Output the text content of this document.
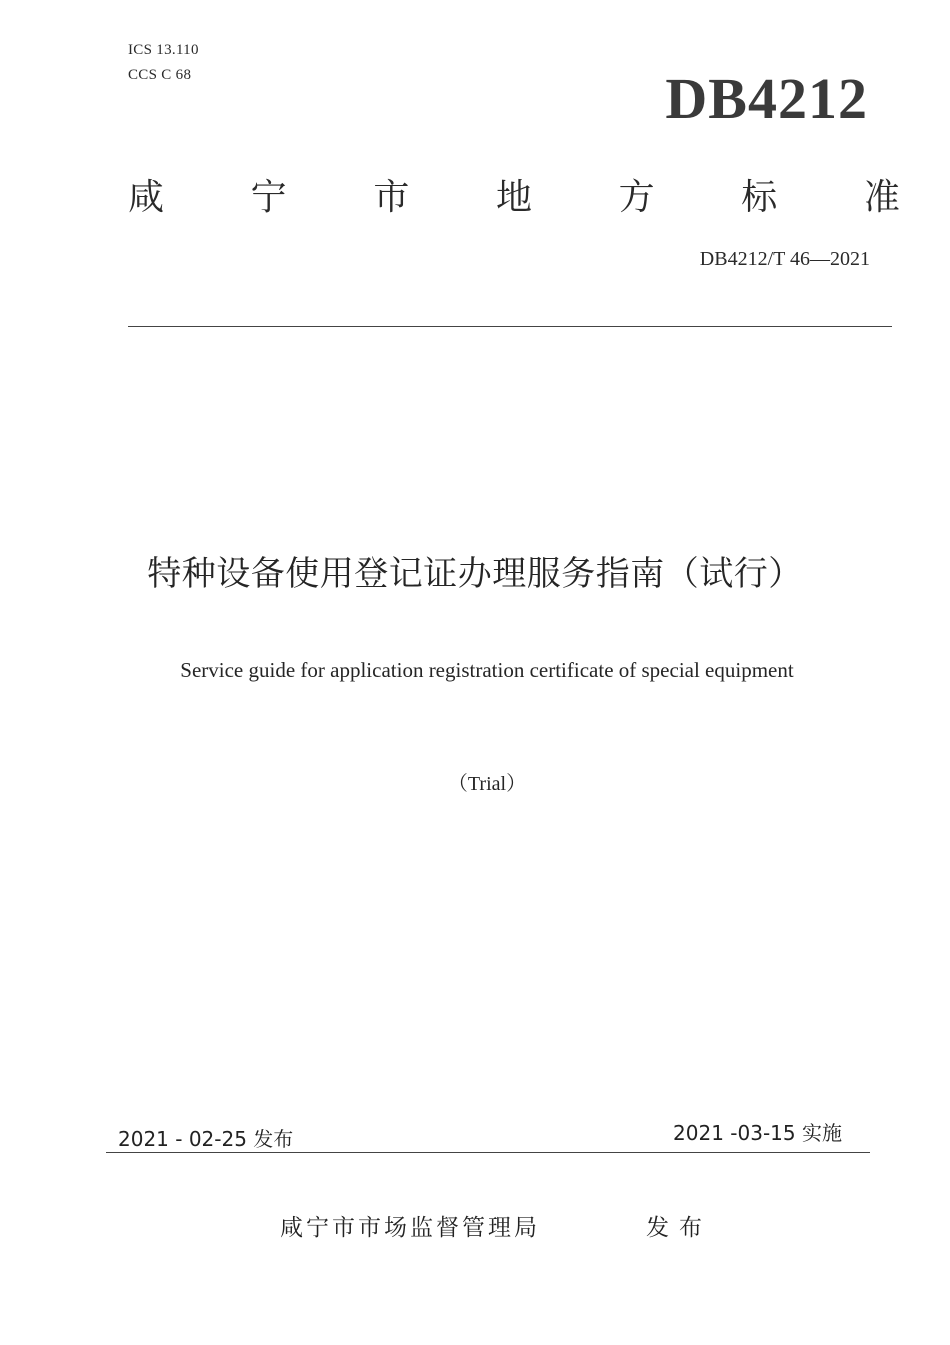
ICS 13.110
CCS C 68	DB4212
咸 宁 市 地 方 标 准
DB4212/T 46—2021
特种设备使用登记证办理服务指南（试行）
Service guide for application registration certificate of special equipment
（Trial）
2021 - 02-25 发布	2021 -03-15 实施
咸宁市市场监督管理局	发布
